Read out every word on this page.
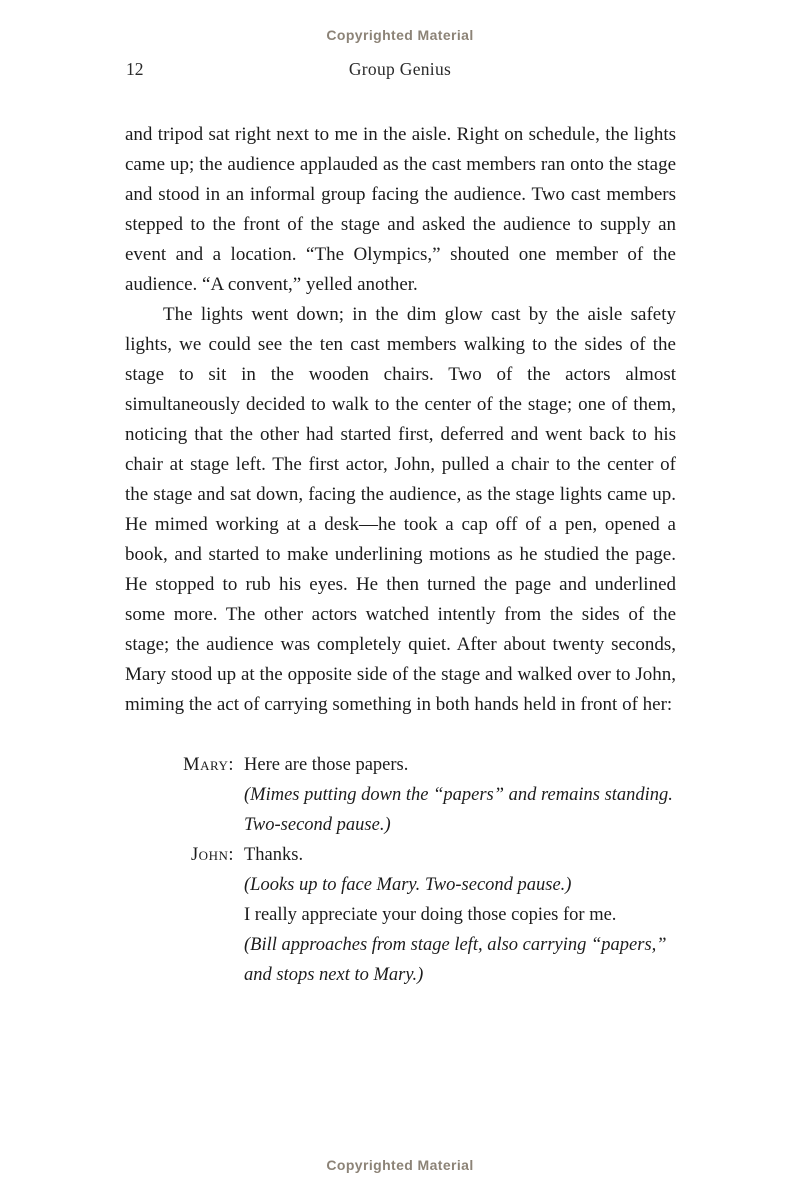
Copyrighted Material
12	Group Genius

and tripod sat right next to me in the aisle. Right on schedule, the lights came up; the audience applauded as the cast members ran onto the stage and stood in an informal group facing the audience. Two cast members stepped to the front of the stage and asked the audience to supply an event and a location. “The Olympics,” shouted one member of the audience. “A convent,” yelled another.

The lights went down; in the dim glow cast by the aisle safety lights, we could see the ten cast members walking to the sides of the stage to sit in the wooden chairs. Two of the actors almost simultaneously decided to walk to the center of the stage; one of them, noticing that the other had started first, deferred and went back to his chair at stage left. The first actor, John, pulled a chair to the center of the stage and sat down, facing the audience, as the stage lights came up. He mimed working at a desk—he took a cap off of a pen, opened a book, and started to make underlining motions as he studied the page. He stopped to rub his eyes. He then turned the page and underlined some more. The other actors watched intently from the sides of the stage; the audience was completely quiet. After about twenty seconds, Mary stood up at the opposite side of the stage and walked over to John, miming the act of carrying something in both hands held in front of her:

Mary: Here are those papers.
(Mimes putting down the “papers” and remains standing. Two-second pause.)
John: Thanks.
(Looks up to face Mary. Two-second pause.)
I really appreciate your doing those copies for me.
(Bill approaches from stage left, also carrying “papers,” and stops next to Mary.)
Copyrighted Material
